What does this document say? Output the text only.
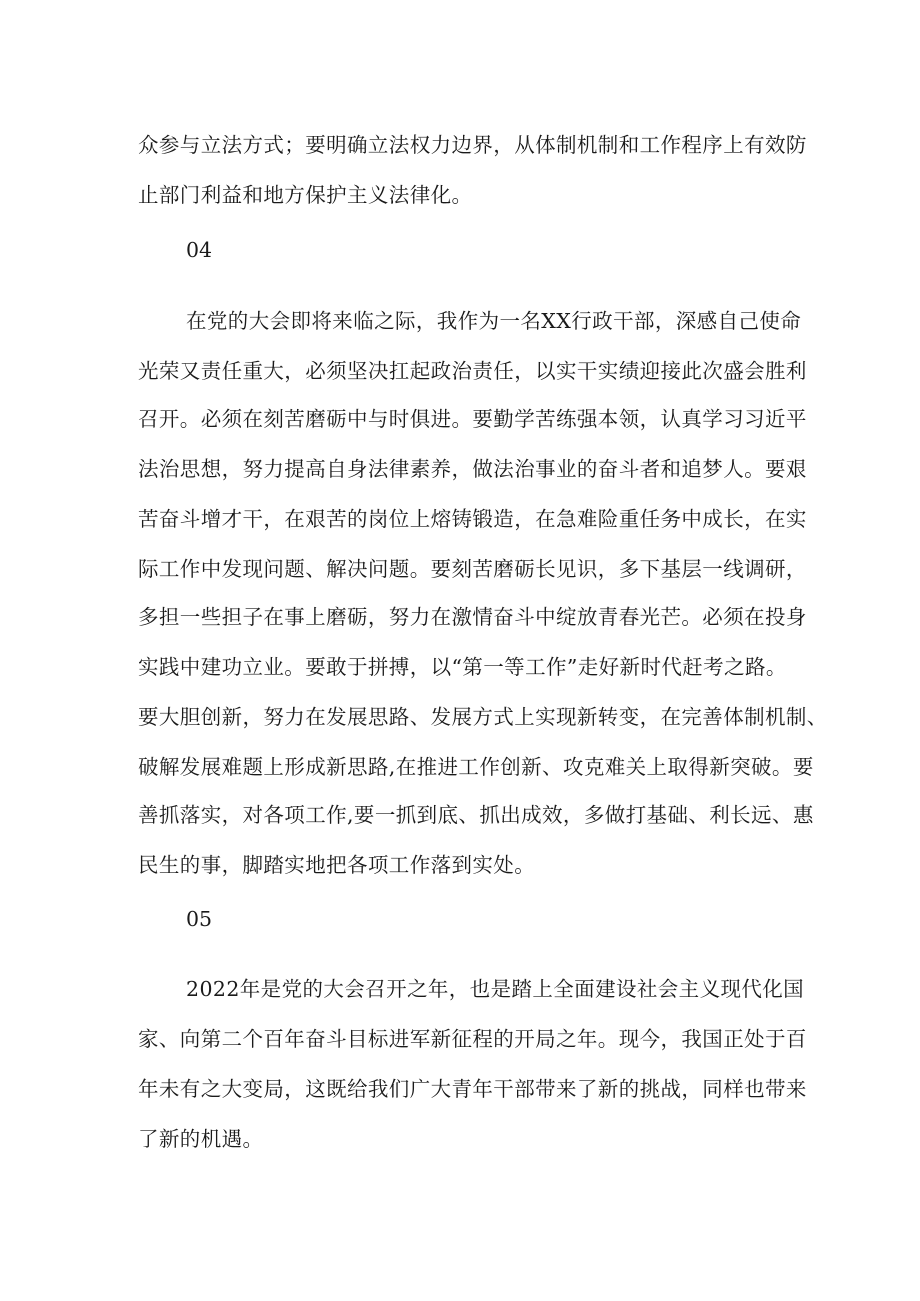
众参与立法方式；要明确立法权力边界，从体制机制和工作程序上有效防
止部门利益和地方保护主义法律化。
04
在党的大会即将来临之际，我作为一名XX行政干部，深感自己使命
光荣又责任重大，必须坚决扛起政治责任，以实干实绩迎接此次盛会胜利
召开。必须在刻苦磨砺中与时俱进。要勤学苦练强本领，认真学习习近平
法治思想，努力提高自身法律素养，做法治事业的奋斗者和追梦人。要艰
苦奋斗增才干，在艰苦的岗位上熔铸锻造，在急难险重任务中成长，在实
际工作中发现问题、解决问题。要刻苦磨砺长见识，多下基层一线调研，
多担一些担子在事上磨砺，努力在激情奋斗中绽放青春光芒。必须在投身
实践中建功立业。要敢于拼搏，以“第一等工作”走好新时代赶考之路。
要大胆创新，努力在发展思路、发展方式上实现新转变，在完善体制机制、
破解发展难题上形成新思路,在推进工作创新、攻克难关上取得新突破。要
善抓落实，对各项工作,要一抓到底、抓出成效，多做打基础、利长远、惠
民生的事，脚踏实地把各项工作落到实处。
05
2022年是党的大会召开之年，也是踏上全面建设社会主义现代化国
家、向第二个百年奋斗目标进军新征程的开局之年。现今，我国正处于百
年未有之大变局，这既给我们广大青年干部带来了新的挑战，同样也带来
了新的机遇。
